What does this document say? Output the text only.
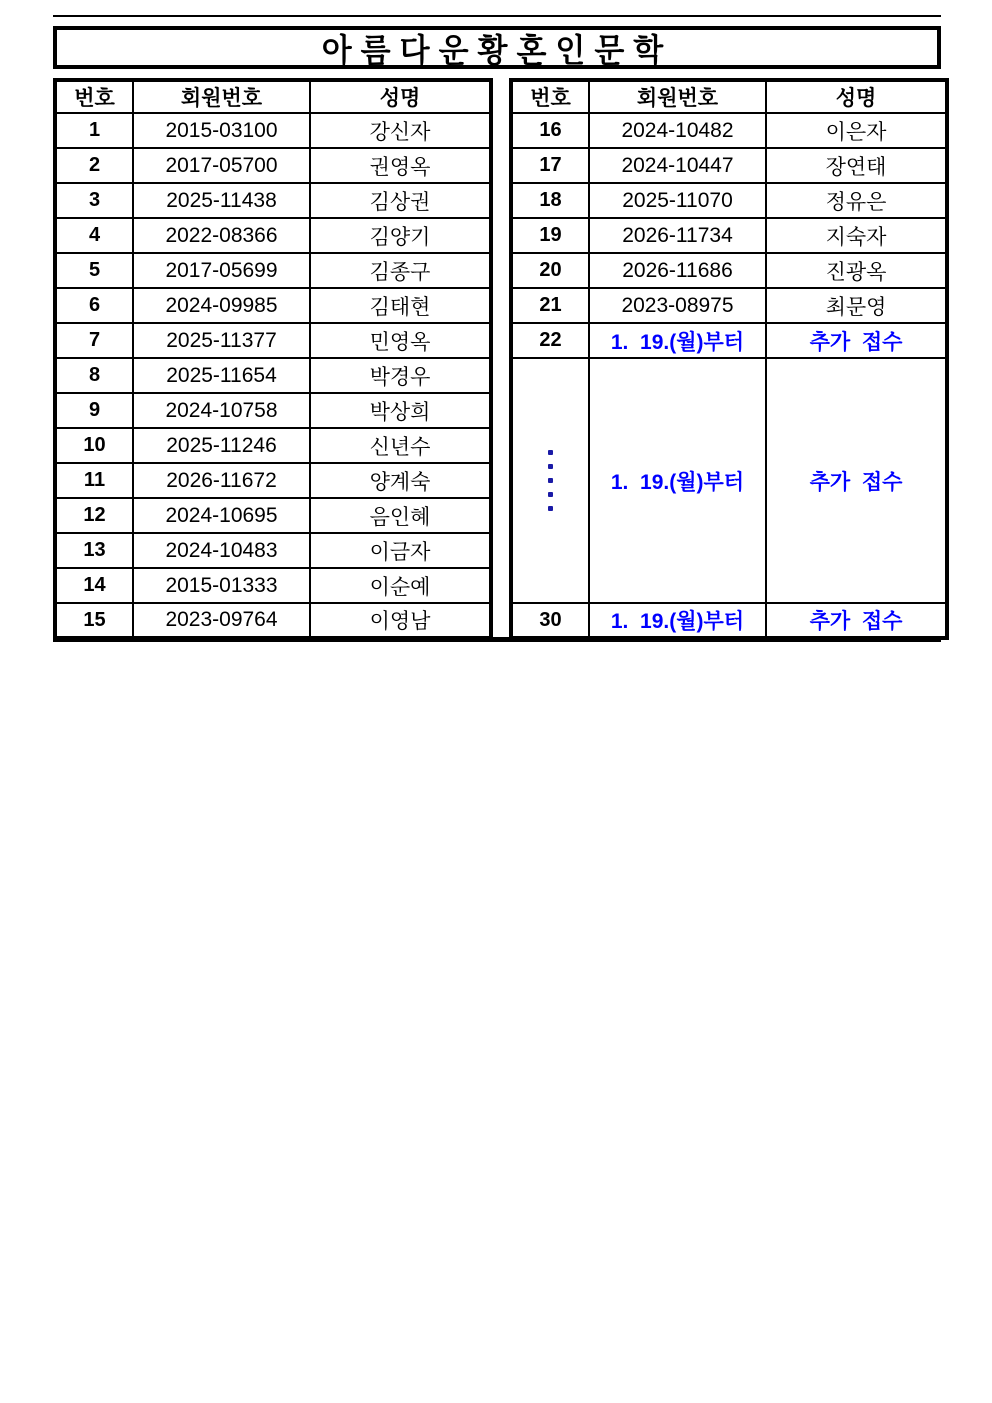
아름다운황혼인문학
번호	회원번호	성명
1	2015-03100	강신자
2	2017-05700	권영옥
3	2025-11438	김상권
4	2022-08366	김양기
5	2017-05699	김종구
6	2024-09985	김태현
7	2025-11377	민영옥
8	2025-11654	박경우
9	2024-10758	박상희
10	2025-11246	신년수
11	2026-11672	양계숙
12	2024-10695	음인혜
13	2024-10483	이금자
14	2015-01333	이순예
15	2023-09764	이영남
번호	회원번호	성명
16	2024-10482	이은자
17	2024-10447	장연태
18	2025-11070	정유은
19	2026-11734	지숙자
20	2026-11686	진광옥
21	2023-08975	최문영
22	1.  19.(월)부터	추가  접수

	1.  19.(월)부터	추가  접수
30	1.  19.(월)부터	추가  접수
